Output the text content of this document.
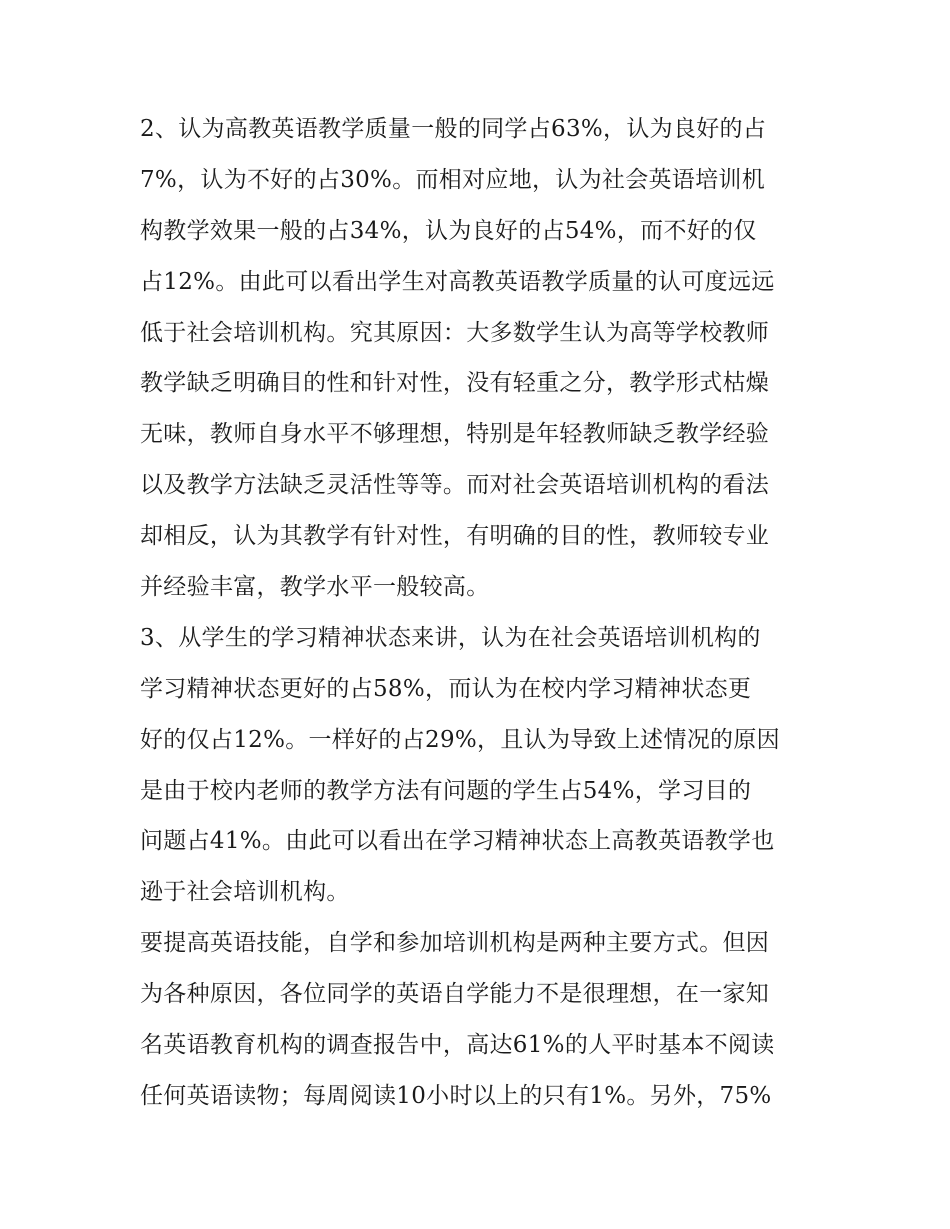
2、认为高教英语教学质量一般的同学占63%，认为良好的占
7%，认为不好的占30%。而相对应地，认为社会英语培训机
构教学效果一般的占34%，认为良好的占54%，而不好的仅
占12%。由此可以看出学生对高教英语教学质量的认可度远远
低于社会培训机构。究其原因：大多数学生认为高等学校教师
教学缺乏明确目的性和针对性，没有轻重之分，教学形式枯燥
无味，教师自身水平不够理想，特别是年轻教师缺乏教学经验
以及教学方法缺乏灵活性等等。而对社会英语培训机构的看法
却相反，认为其教学有针对性，有明确的目的性，教师较专业
并经验丰富，教学水平一般较高。
3、从学生的学习精神状态来讲，认为在社会英语培训机构的
学习精神状态更好的占58%，而认为在校内学习精神状态更
好的仅占12%。一样好的占29%，且认为导致上述情况的原因
是由于校内老师的教学方法有问题的学生占54%，学习目的
问题占41%。由此可以看出在学习精神状态上高教英语教学也
逊于社会培训机构。
要提高英语技能，自学和参加培训机构是两种主要方式。但因
为各种原因，各位同学的英语自学能力不是很理想，在一家知
名英语教育机构的调查报告中，高达61%的人平时基本不阅读
任何英语读物；每周阅读10小时以上的只有1%。另外，75%
